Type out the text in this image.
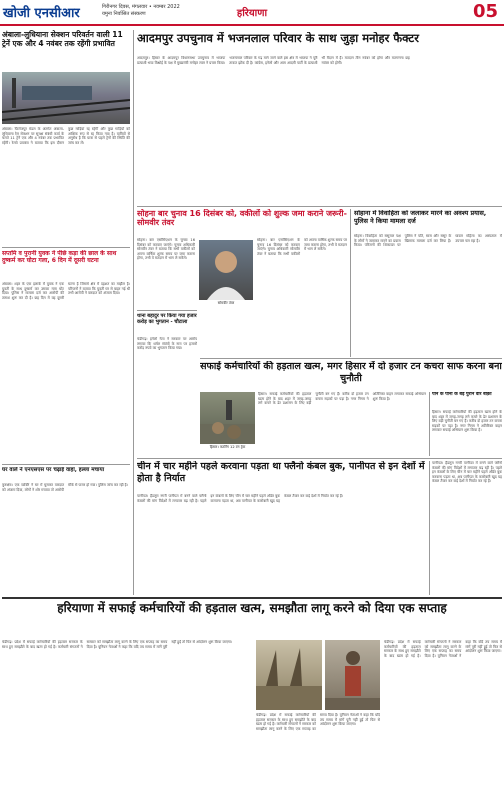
खोजी एनसीआर	गिरीनगर दिवस, मंगलवार • नवम्बर 2022
यमुना निर्वासित संस्करण	हरियाणा	05
अंबाला-लुधियाना सेक्शन परिवर्तन वाली 11 ट्रेनें एक और 4 नवंबर तक रहेंगी प्रभावित
अंबाला। फिरोजपुर मंडल के अंतर्गत अंबाला-लुधियाना रेल सेक्शन पर सुरक्षा संबंधी कार्य के चलते 11 ट्रेनें एक और 4 नवंबर तक प्रभावित रहेंगी। रेलवे प्रवक्ता ने बताया कि इस दौरान कुछ गाड़ियां रद्द रहेंगी और कुछ गाड़ियों को आंशिक रूप से रद्द किया गया है। यात्रियों से अनुरोध है कि यात्रा से पहले ट्रेनों की स्थिति की जांच कर लें।
सप्तमि व पुरानी युवक ने पीछे कड़ा की छाल के साथ दुष्कर्म कर घोटा गला, 6 दिन में दूसरी घटना
अंबाला। शहर के एक इलाके में युवक ने एक युवती के साथ दुष्कर्म कर उसका गला घोंट दिया। पुलिस ने मामला दर्ज कर आरोपी की तलाश शुरू कर दी है। छह दिन में यह दूसरी घटना है जिससे क्षेत्र में दहशत का माहौल है। परिजनों ने बताया कि युवती घर से बाहर गई थी तभी आरोपी ने वारदात को अंजाम दिया।
घर वाले ने एनएसएस पर चढ़ाई वाहां, हल्ला मचाया
कुरुक्षेत्र। एक व्यक्ति ने घर में घुसकर वारदात को अंजाम दिया, लोगों ने शोर मचाया तो आरोपी मौके से फरार हो गया। पुलिस जांच कर रही है।
आदमपुर उपचुनाव में भजनलाल परिवार के साथ जुड़ा मनोहर फैक्टर
आदमपुर। हिसार के आदमपुर विधानसभा उपचुनाव में भाजपा प्रत्याशी भव्य बिश्नोई के पक्ष में मुख्यमंत्री मनोहर लाल ने प्रचार किया। भजनलाल परिवार के गढ़ माने जाने वाले इस क्षेत्र में भाजपा ने पूरी ताकत झोंक दी है। कांग्रेस, इनेलो और आम आदमी पार्टी के प्रत्याशी भी मैदान में हैं। मतदान तीन नवंबर को होगा और मतगणना छह नवंबर को होगी।
सोहना बार चुनाव 16 दिसंबर को, वकीलों को शुल्क जमा कराने जरूरी-सोमवीर तंवर
सोहना। बार एसोसिएशन के चुनाव 16 दिसंबर को करवाए जाएंगे। चुनाव अधिकारी सोमवीर तंवर ने बताया कि सभी वकीलों को अपना वार्षिक शुल्क समय पर जमा कराना होगा, तभी वे मतदान में भाग ले सकेंगे।
सोमवीर तंवर
सोहना। बार एसोसिएशन के चुनाव 16 दिसंबर को करवाए जाएंगे। चुनाव अधिकारी सोमवीर तंवर ने बताया कि सभी वकीलों को अपना वार्षिक शुल्क समय पर जमा कराना होगा, तभी वे मतदान में भाग ले सकेंगे।
सोहाना में विवाहिता को जलाकर मारने का अवश्य प्रयास, पुलिस ने किया मामला दर्ज
सोहना। विवाहिता को ससुराल पक्ष के लोगों ने जलाकर मारने का प्रयास किया। परिजनों की शिकायत पर पुलिस ने पति, सास और ससुर के खिलाफ मामला दर्ज कर लिया है। घायल महिला का अस्पताल में उपचार चल रहा है।
थाना बहादुर पर किया गया हजार करोड़ का भुगतान - चौटाला
चंडीगढ़। इनेलो नेता ने सरकार पर आरोप लगाया कि थर्मल संयंत्रों के नाम पर हजारों करोड़ रुपये का भुगतान किया गया।
सफाई कर्मचारियों की हड़ताल खत्म, मगर हिसार में दो हजार टन कचरा साफ करना बना चुनौती
हिसार। कटरिंग 12 टन ट्रेक
हिसार। सफाई कर्मचारियों की हड़ताल खत्म होने के बाद शहर में जगह-जगह लगे कचरे के ढेर प्रशासन के लिए बड़ी चुनौती बन गए हैं। करीब दो हजार टन कचरा सड़कों पर पड़ा है। नगर निगम ने अतिरिक्त वाहन लगाकर सफाई अभियान शुरू किया है।
पीने के पानी के बड़े पुराने वार बाक़ा
हिसार। सफाई कर्मचारियों की हड़ताल खत्म होने के बाद शहर में जगह-जगह लगे कचरे के ढेर प्रशासन के लिए बड़ी चुनौती बन गए हैं। करीब दो हजार टन कचरा सड़कों पर पड़ा है। नगर निगम ने अतिरिक्त वाहन लगाकर सफाई अभियान शुरू किया है।
चीन में चार महीने पहले करवाना पड़ता था फ्लैनो कंबल बुक, पानीपत से इन देशों में होता है निर्यात
पानीपत। हैंडलूम नगरी पानीपत में बनने वाले फ्लैनो कंबलों की मांग विदेशों में लगातार बढ़ रही है। पहले इन कंबलों के लिए चीन में चार महीने पहले ऑर्डर बुक करवाना पड़ता था, अब पानीपत के कारोबारी खुद यह कंबल तैयार कर कई देशों में निर्यात कर रहे हैं।
पानीपत। हैंडलूम नगरी पानीपत में बनने वाले फ्लैनो कंबलों की मांग विदेशों में लगातार बढ़ रही है। पहले इन कंबलों के लिए चीन में चार महीने पहले ऑर्डर बुक करवाना पड़ता था, अब पानीपत के कारोबारी खुद यह कंबल तैयार कर कई देशों में निर्यात कर रहे हैं।
हरियाणा में सफाई कर्मचारियों की हड़ताल खत्म, समझौता लागू करने को दिया एक सप्ताह
चंडीगढ़। प्रदेश में सफाई कर्मचारियों की हड़ताल सरकार के साथ हुए समझौते के बाद खत्म हो गई है। कर्मचारी संगठनों ने सरकार को समझौता लागू करने के लिए एक सप्ताह का समय दिया है। यूनियन नेताओं ने कहा कि यदि तय समय में मांगें पूरी नहीं हुईं तो फिर से आंदोलन शुरू किया जाएगा।
चंडीगढ़। प्रदेश में सफाई कर्मचारियों की हड़ताल सरकार के साथ हुए समझौते के बाद खत्म हो गई है। कर्मचारी संगठनों ने सरकार को समझौता लागू करने के लिए एक सप्ताह का समय दिया है। यूनियन नेताओं ने कहा कि यदि तय समय में मांगें पूरी नहीं हुईं तो फिर से आंदोलन शुरू किया जाएगा।
चंडीगढ़। प्रदेश में सफाई कर्मचारियों की हड़ताल सरकार के साथ हुए समझौते के बाद खत्म हो गई है। कर्मचारी संगठनों ने सरकार को समझौता लागू करने के लिए एक सप्ताह का समय दिया है। यूनियन नेताओं ने कहा कि यदि तय समय में मांगें पूरी नहीं हुईं तो फिर से आंदोलन शुरू किया जाएगा।
